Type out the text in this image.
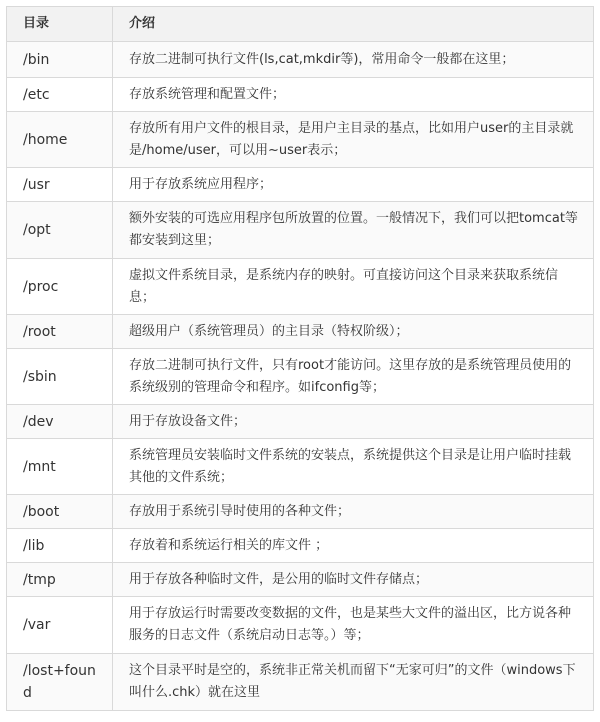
目录	介绍
/bin	存放二进制可执行文件(ls,cat,mkdir等)，常用命令一般都在这里；
/etc	存放系统管理和配置文件；
/home	存放所有用户文件的根目录，是用户主目录的基点，比如用户user的主目录就是/home/user，可以用~user表示；
/usr	用于存放系统应用程序；
/opt	额外安装的可选应用程序包所放置的位置。一般情况下，我们可以把tomcat等都安装到这里；
/proc	虚拟文件系统目录，是系统内存的映射。可直接访问这个目录来获取系统信息；
/root	超级用户（系统管理员）的主目录（特权阶级）；
/sbin	存放二进制可执行文件，只有root才能访问。这里存放的是系统管理员使用的系统级别的管理命令和程序。如ifconfig等；
/dev	用于存放设备文件；
/mnt	系统管理员安装临时文件系统的安装点，系统提供这个目录是让用户临时挂载其他的文件系统；
/boot	存放用于系统引导时使用的各种文件；
/lib	存放着和系统运行相关的库文件 ；
/tmp	用于存放各种临时文件，是公用的临时文件存储点；
/var	用于存放运行时需要改变数据的文件，也是某些大文件的溢出区，比方说各种服务的日志文件（系统启动日志等。）等；
/lost+found	这个目录平时是空的，系统非正常关机而留下“无家可归”的文件（windows下叫什么.chk）就在这里
